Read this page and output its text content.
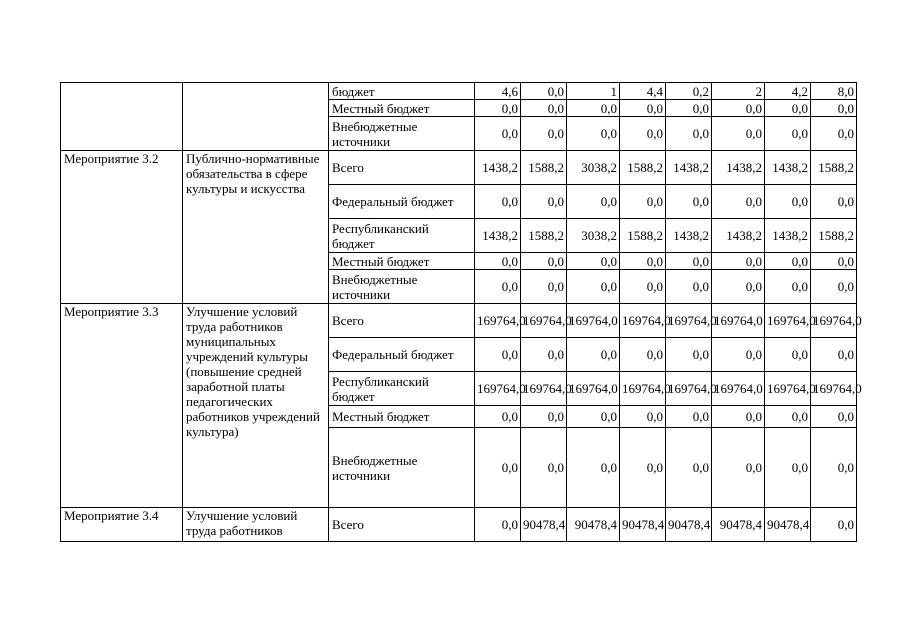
		бюджет	4,6	0,0	1	4,4	0,2	2	4,2	8,0
		Местный бюджет	0,0	0,0	0,0	0,0	0,0	0,0	0,0	0,0
		Внебюджетные источники	0,0	0,0	0,0	0,0	0,0	0,0	0,0	0,0
Мероприятие 3.2	Публично-нормативные обязательства в сфере культуры и искусства	Всего	1438,2	1588,2	3038,2	1588,2	1438,2	1438,2	1438,2	1588,2
		Федеральный бюджет	0,0	0,0	0,0	0,0	0,0	0,0	0,0	0,0
		Республиканский бюджет	1438,2	1588,2	3038,2	1588,2	1438,2	1438,2	1438,2	1588,2
		Местный бюджет	0,0	0,0	0,0	0,0	0,0	0,0	0,0	0,0
		Внебюджетные источники	0,0	0,0	0,0	0,0	0,0	0,0	0,0	0,0
Мероприятие 3.3	Улучшение условий труда работников муниципальных учреждений культуры (повышение средней заработной платы педагогических работников учреждений культура)	Всего	169764,0	169764,0	169764,0	169764,0	169764,0	169764,0	169764,0	169764,0
		Федеральный бюджет	0,0	0,0	0,0	0,0	0,0	0,0	0,0	0,0
		Республиканский бюджет	169764,0	169764,0	169764,0	169764,0	169764,0	169764,0	169764,0	169764,0
		Местный бюджет	0,0	0,0	0,0	0,0	0,0	0,0	0,0	0,0
		Внебюджетные источники	0,0	0,0	0,0	0,0	0,0	0,0	0,0	0,0
Мероприятие 3.4	Улучшение условий труда работников	Всего	0,0	90478,4	90478,4	90478,4	90478,4	90478,4	90478,4	0,0
